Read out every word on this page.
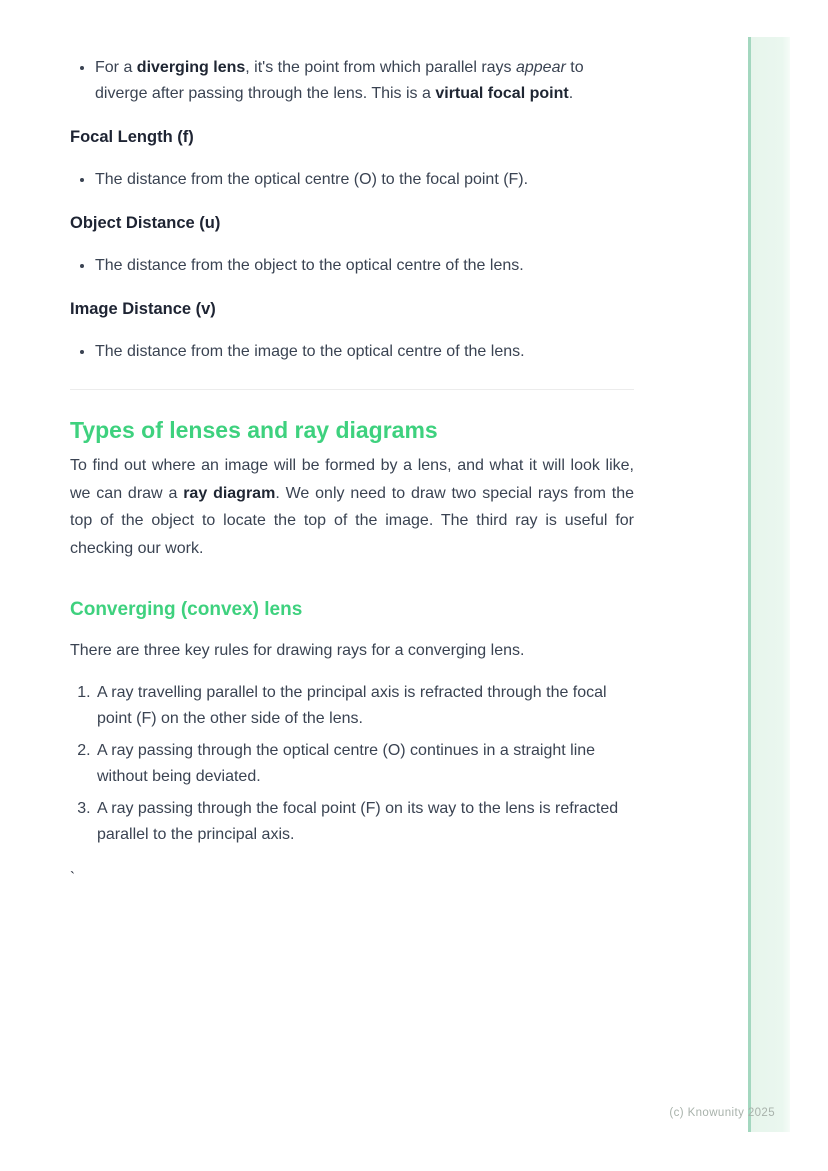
• For a diverging lens, it's the point from which parallel rays appear to diverge after passing through the lens. This is a virtual focal point.
Focal Length (f)
• The distance from the optical centre (O) to the focal point (F).
Object Distance (u)
• The distance from the object to the optical centre of the lens.
Image Distance (v)
• The distance from the image to the optical centre of the lens.
Types of lenses and ray diagrams

To find out where an image will be formed by a lens, and what it will look like, we can draw a ray diagram. We only need to draw two special rays from the top of the object to locate the top of the image. The third ray is useful for checking our work.

Converging (convex) lens

There are three key rules for drawing rays for a converging lens.

1. A ray travelling parallel to the principal axis is refracted through the focal point (F) on the other side of the lens.
2. A ray passing through the optical centre (O) continues in a straight line without being deviated.
3. A ray passing through the focal point (F) on its way to the lens is refracted parallel to the principal axis.

`

(c) Knowunity 2025
